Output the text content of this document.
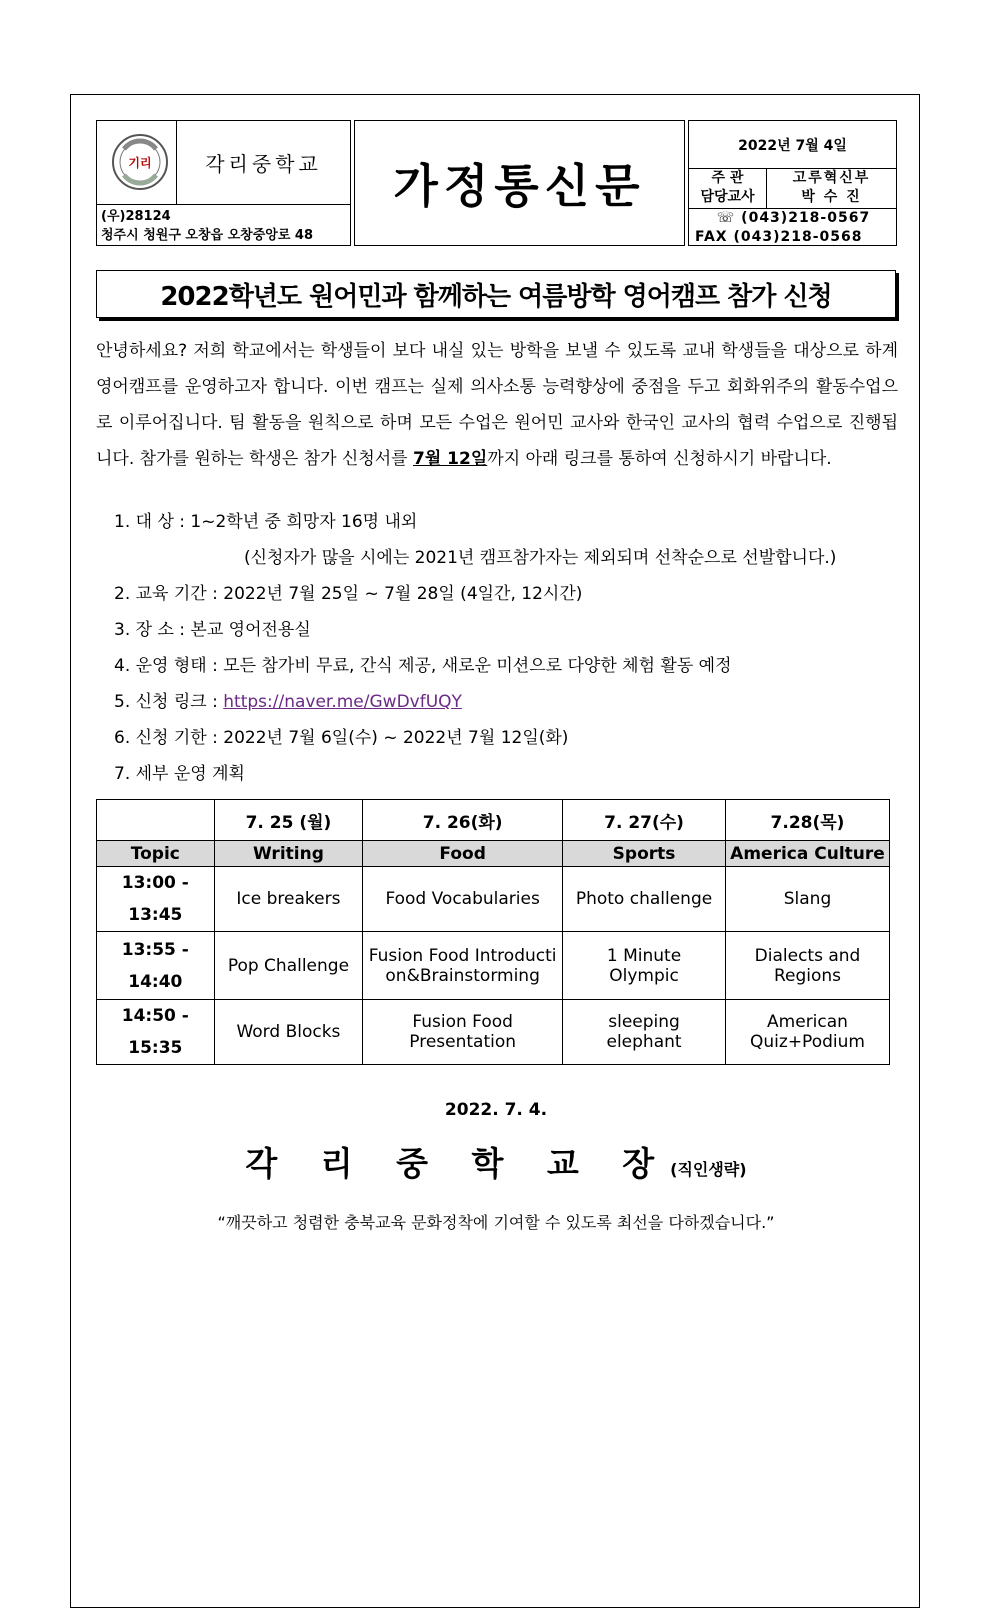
기리	각리중학교
(우)28124
청주시 청원구 오창읍 오창중앙로 48
가정통신문
2022년 7월 4일
주 관
담당교사
고루혁신부
박 수 진
☏ (043)218-0567
FAX (043)218-0568
2022학년도 원어민과 함께하는 여름방학 영어캠프 참가 신청
안녕하세요? 저희 학교에서는 학생들이 보다 내실 있는 방학을 보낼 수 있도록 교내 학생들을 대상으로 하계 영어캠프를 운영하고자 합니다. 이번 캠프는 실제 의사소통 능력향상에 중점을 두고 회화위주의 활동수업으로 이루어집니다. 팀 활동을 원칙으로 하며 모든 수업은 원어민 교사와 한국인 교사의 협력 수업으로 진행됩니다. 참가를 원하는 학생은 참가 신청서를 7월 12일까지 아래 링크를 통하여 신청하시기 바랍니다.
1. 대 상 : 1~2학년 중 희망자 16명 내외
(신청자가 많을 시에는 2021년 캠프참가자는 제외되며 선착순으로 선발합니다.)
2. 교육 기간 : 2022년 7월 25일 ~ 7월 28일 (4일간, 12시간)
3. 장 소 : 본교 영어전용실
4. 운영 형태 : 모든 참가비 무료, 간식 제공, 새로운 미션으로 다양한 체험 활동 예정
5. 신청 링크 : https://naver.me/GwDvfUQY
6. 신청 기한 : 2022년 7월 6일(수) ~ 2022년 7월 12일(화)
7. 세부 운영 계획
	7. 25 (월)	7. 26(화)	7. 27(수)	7.28(목)
Topic	Writing	Food	Sports	America Culture

13:00 -
13:45	Ice breakers	Food Vocabularies	Photo challenge	Slang

13:55 -
14:40	Pop Challenge	Fusion Food Introduction&Brainstorming	1 Minute Olympic	Dialects and Regions

14:50 -
15:35	Word Blocks	Fusion Food Presentation	sleeping elephant	American Quiz+Podium
2022. 7. 4.
각 리 중 학 교 장(직인생략)
“깨끗하고 청렴한 충북교육 문화정착에 기여할 수 있도록 최선을 다하겠습니다.”
